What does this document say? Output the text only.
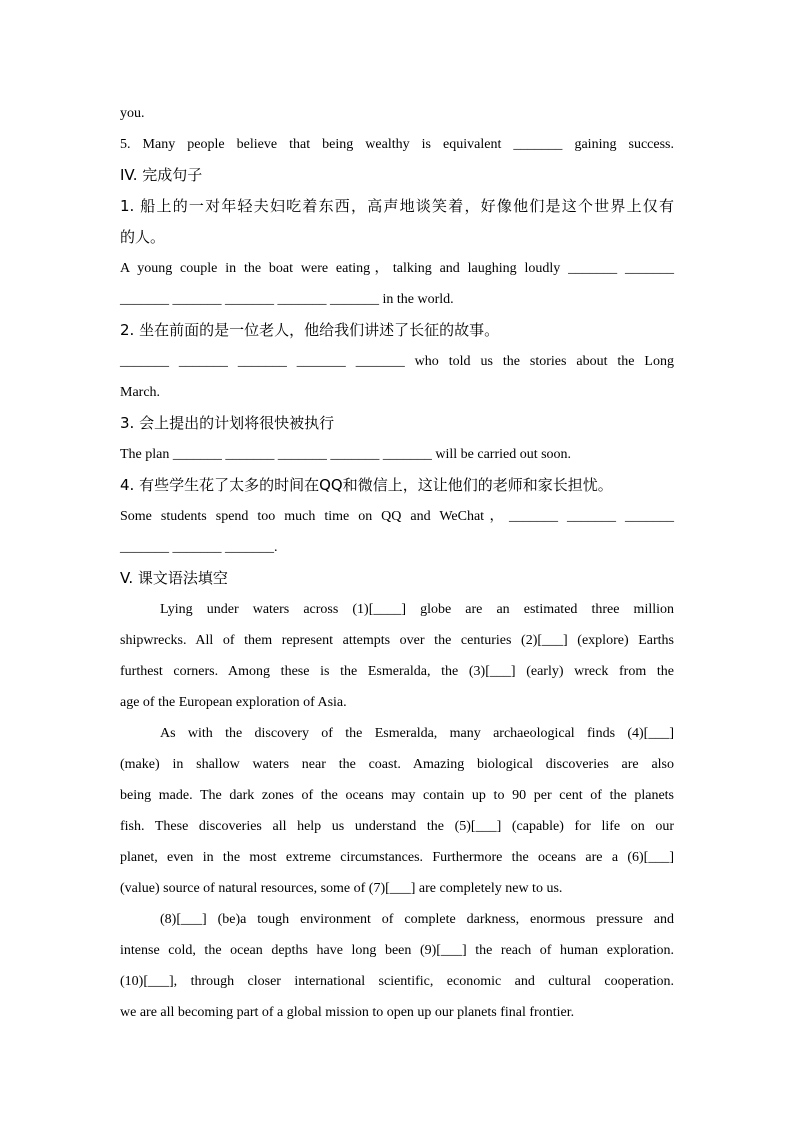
you.
5. Many people believe that being wealthy is equivalent _______ gaining success.
IV. 完成句子
1. 船上的一对年轻夫妇吃着东西，高声地谈笑着，好像他们是这个世界上仅有
的人。
A young couple in the boat were eating，talking and laughing loudly _______ _______
_______ _______ _______ _______ _______ in the world.
2. 坐在前面的是一位老人，他给我们讲述了长征的故事。
_______ _______ _______ _______ _______ who told us the stories about the Long
March.
3. 会上提出的计划将很快被执行
The plan _______ _______ _______ _______ _______ will be carried out soon.
4. 有些学生花了太多的时间在QQ和微信上，这让他们的老师和家长担忧。
Some students spend too much time on QQ and WeChat，_______ _______ _______
_______ _______ _______.
V. 课文语法填空
Lying under waters across (1)[____] globe are an estimated three million
shipwrecks. All of them represent attempts over the centuries (2)[___] (explore) Earths
furthest corners. Among these is the Esmeralda, the (3)[___] (early) wreck from the
age of the European exploration of Asia.
As with the discovery of the Esmeralda, many archaeological finds (4)[___]
(make) in shallow waters near the coast. Amazing biological discoveries are also
being made. The dark zones of the oceans may contain up to 90 per cent of the planets
fish. These discoveries all help us understand the (5)[___] (capable) for life on our
planet, even in the most extreme circumstances. Furthermore the oceans are a (6)[___]
(value) source of natural resources, some of (7)[___] are completely new to us.
(8)[___] (be)a tough environment of complete darkness, enormous pressure and
intense cold, the ocean depths have long been (9)[___] the reach of human exploration.
(10)[___], through closer international scientific, economic and cultural cooperation.
we are all becoming part of a global mission to open up our planets final frontier.
